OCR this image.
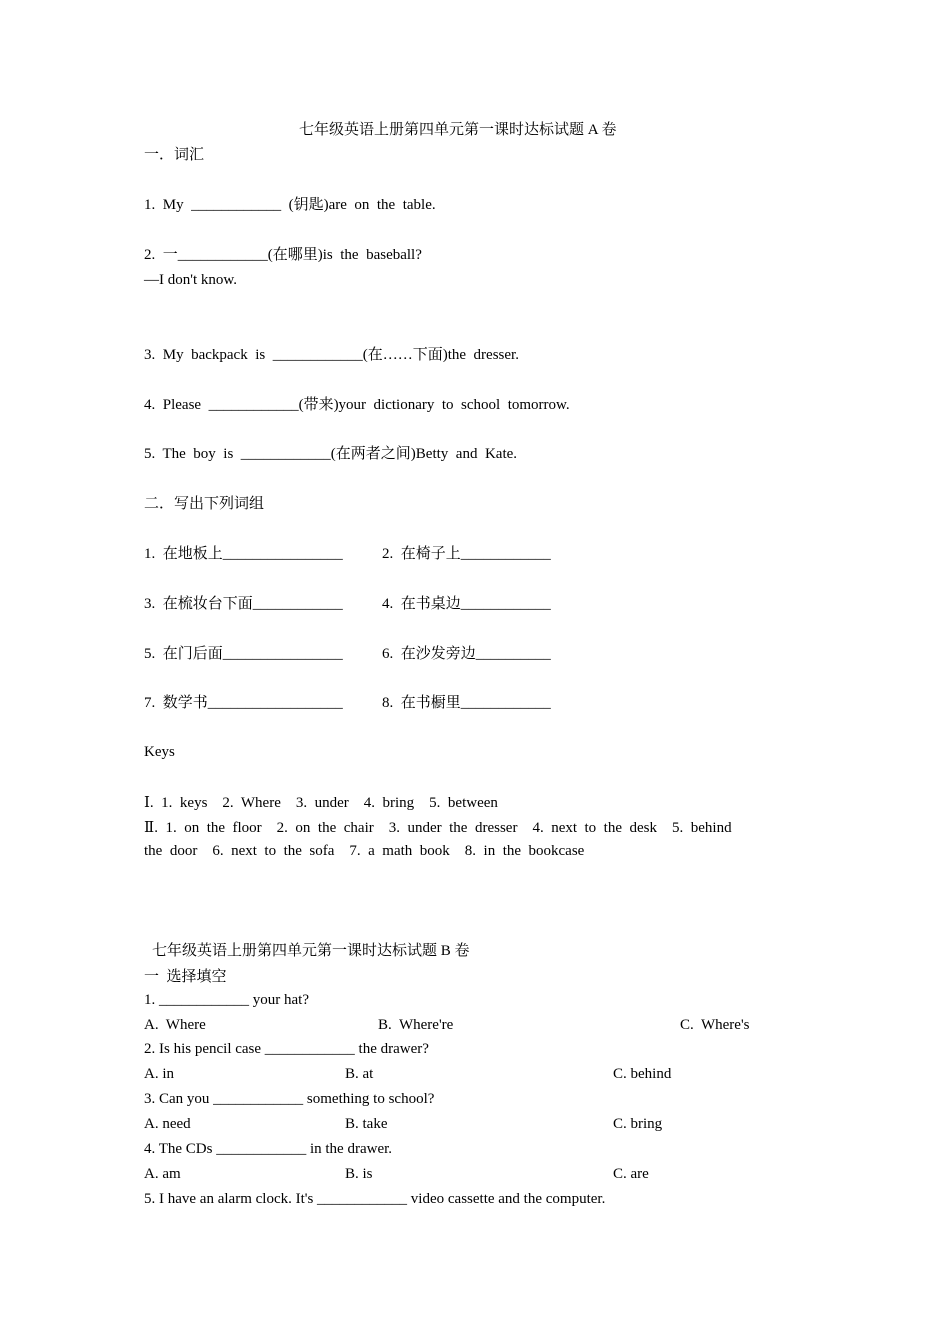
七年级英语上册第四单元第一课时达标试题 A 卷
一．词汇
1.  My  ____________  (钥匙)are  on  the  table.
2.  一____________(在哪里)is  the  baseball?
—I don't know.
3.  My  backpack  is  ____________(在……下面)the  dresser.
4.  Please  ____________(带来)your  dictionary  to  school  tomorrow.
5.  The  boy  is  ____________(在两者之间)Betty  and  Kate.
二．写出下列词组
1.  在地板上________________	2.  在椅子上____________
3.  在梳妆台下面____________	4.  在书桌边____________
5.  在门后面________________	6.  在沙发旁边__________
7.  数学书__________________	8.  在书橱里____________
Keys
Ⅰ.  1.  keys    2.  Where    3.  under    4.  bring    5.  between
Ⅱ.  1.  on  the  floor    2.  on  the  chair    3.  under  the  dresser    4.  next  to  the  desk    5.  behind
the  door    6.  next  to  the  sofa    7.  a  math  book    8.  in  the  bookcase
七年级英语上册第四单元第一课时达标试题 B 卷
一  选择填空
1. ____________ your hat?
A.  Where	B.  Where're	C.  Where's
2. Is his pencil case ____________ the drawer?
A. in	B. at	C. behind
3. Can you ____________ something to school?
A. need	B. take	C. bring
4. The CDs ____________ in the drawer.
A. am	B. is	C. are
5. I have an alarm clock. It's ____________ video cassette and the computer.
